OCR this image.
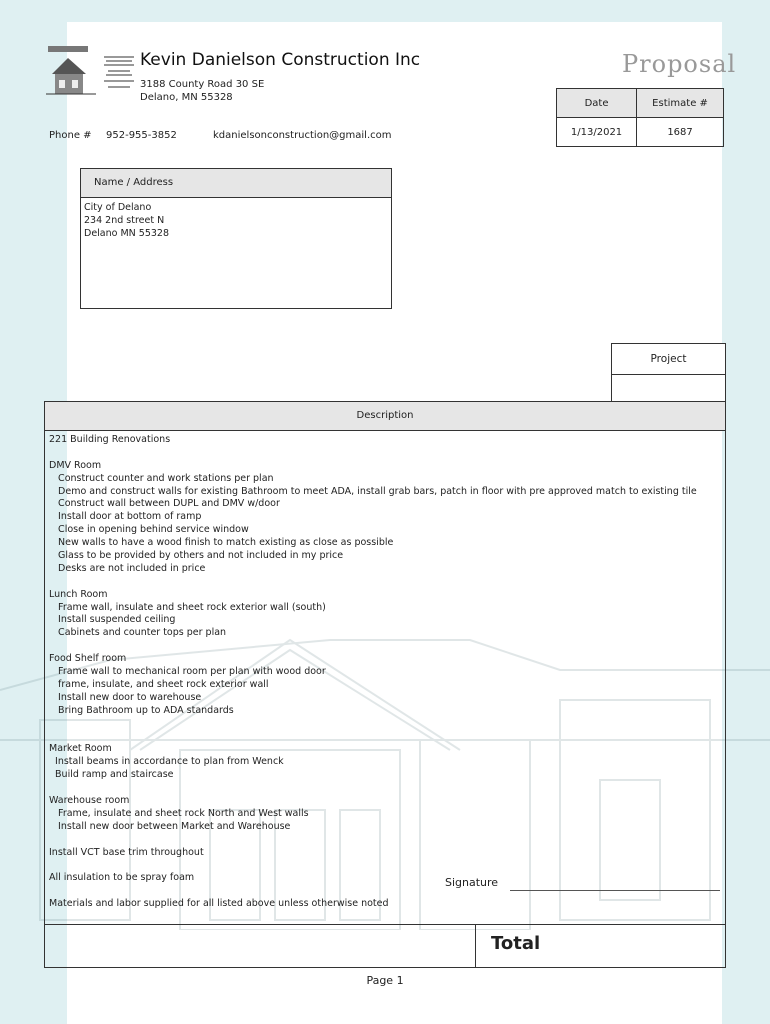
Kevin Danielson Construction Inc
3188 County Road 30 SE
Delano, MN 55328
Proposal
Date	Estimate #
1/13/2021	1687
Phone # 952-955-3852	kdanielsonconstruction@gmail.com
Name / Address
City of Delano
234 2nd street N
Delano MN 55328
Project
Description
221 Building Renovations
DMV Room
Construct counter and work stations per plan
Demo and construct walls for existing Bathroom to meet ADA, install grab bars, patch in floor with pre approved match to existing tile
Construct wall between DUPL and DMV w/door
Install door at bottom of ramp
Close in opening behind service window
New walls to have a wood finish to match existing as close as possible
Glass to be provided by others and not included in my price
Desks are not included in price
Lunch Room
Frame wall, insulate and sheet rock exterior wall (south)
Install suspended ceiling
Cabinets and counter tops per plan
Food Shelf room
Frame wall to mechanical room per plan with wood door
frame, insulate, and sheet rock exterior wall
Install new door to warehouse
Bring Bathroom up to ADA standards
Market Room
Install beams in accordance to plan from Wenck
Build ramp and staircase
Warehouse room
Frame, insulate and sheet rock North and West walls
Install new door between Market and Warehouse
Install VCT base trim throughout
All insulation to be spray foam
Materials and labor supplied for all listed above unless otherwise noted
Total
Signature
Page 1
